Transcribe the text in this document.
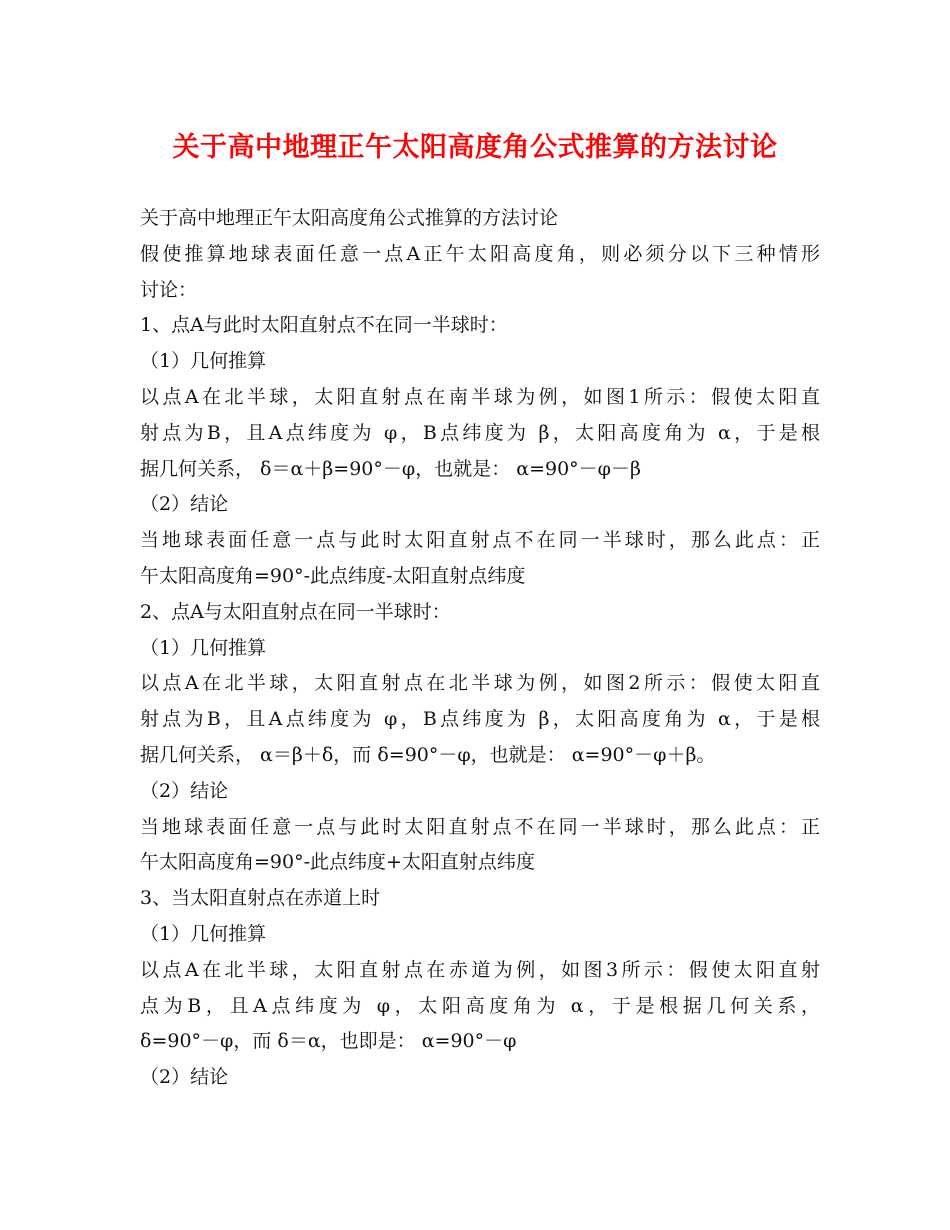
关于高中地理正午太阳高度角公式推算的方法讨论
关于高中地理正午太阳高度角公式推算的方法讨论
假使推算地球表面任意一点A正午太阳高度角，则必须分以下三种情形
讨论：
1、点A与此时太阳直射点不在同一半球时：
（1）几何推算
以点A在北半球，太阳直射点在南半球为例，如图1所示：假使太阳直
射点为B，且A点纬度为 φ，B点纬度为 β，太阳高度角为 α，于是根
据几何关系， δ＝α＋β=90°－φ，也就是： α=90°－φ－β
（2）结论
当地球表面任意一点与此时太阳直射点不在同一半球时，那么此点：正
午太阳高度角=90°-此点纬度-太阳直射点纬度
2、点A与太阳直射点在同一半球时：
（1）几何推算
以点A在北半球，太阳直射点在北半球为例，如图2所示：假使太阳直
射点为B，且A点纬度为 φ，B点纬度为 β，太阳高度角为 α，于是根
据几何关系， α＝β＋δ，而 δ=90°－φ，也就是： α=90°－φ＋β。
（2）结论
当地球表面任意一点与此时太阳直射点不在同一半球时，那么此点：正
午太阳高度角=90°-此点纬度+太阳直射点纬度
3、当太阳直射点在赤道上时
（1）几何推算
以点A在北半球，太阳直射点在赤道为例，如图3所示：假使太阳直射
点为B，且A点纬度为 φ，太阳高度角为 α，于是根据几何关系，
δ=90°－φ，而 δ＝α，也即是： α=90°－φ
（2）结论
